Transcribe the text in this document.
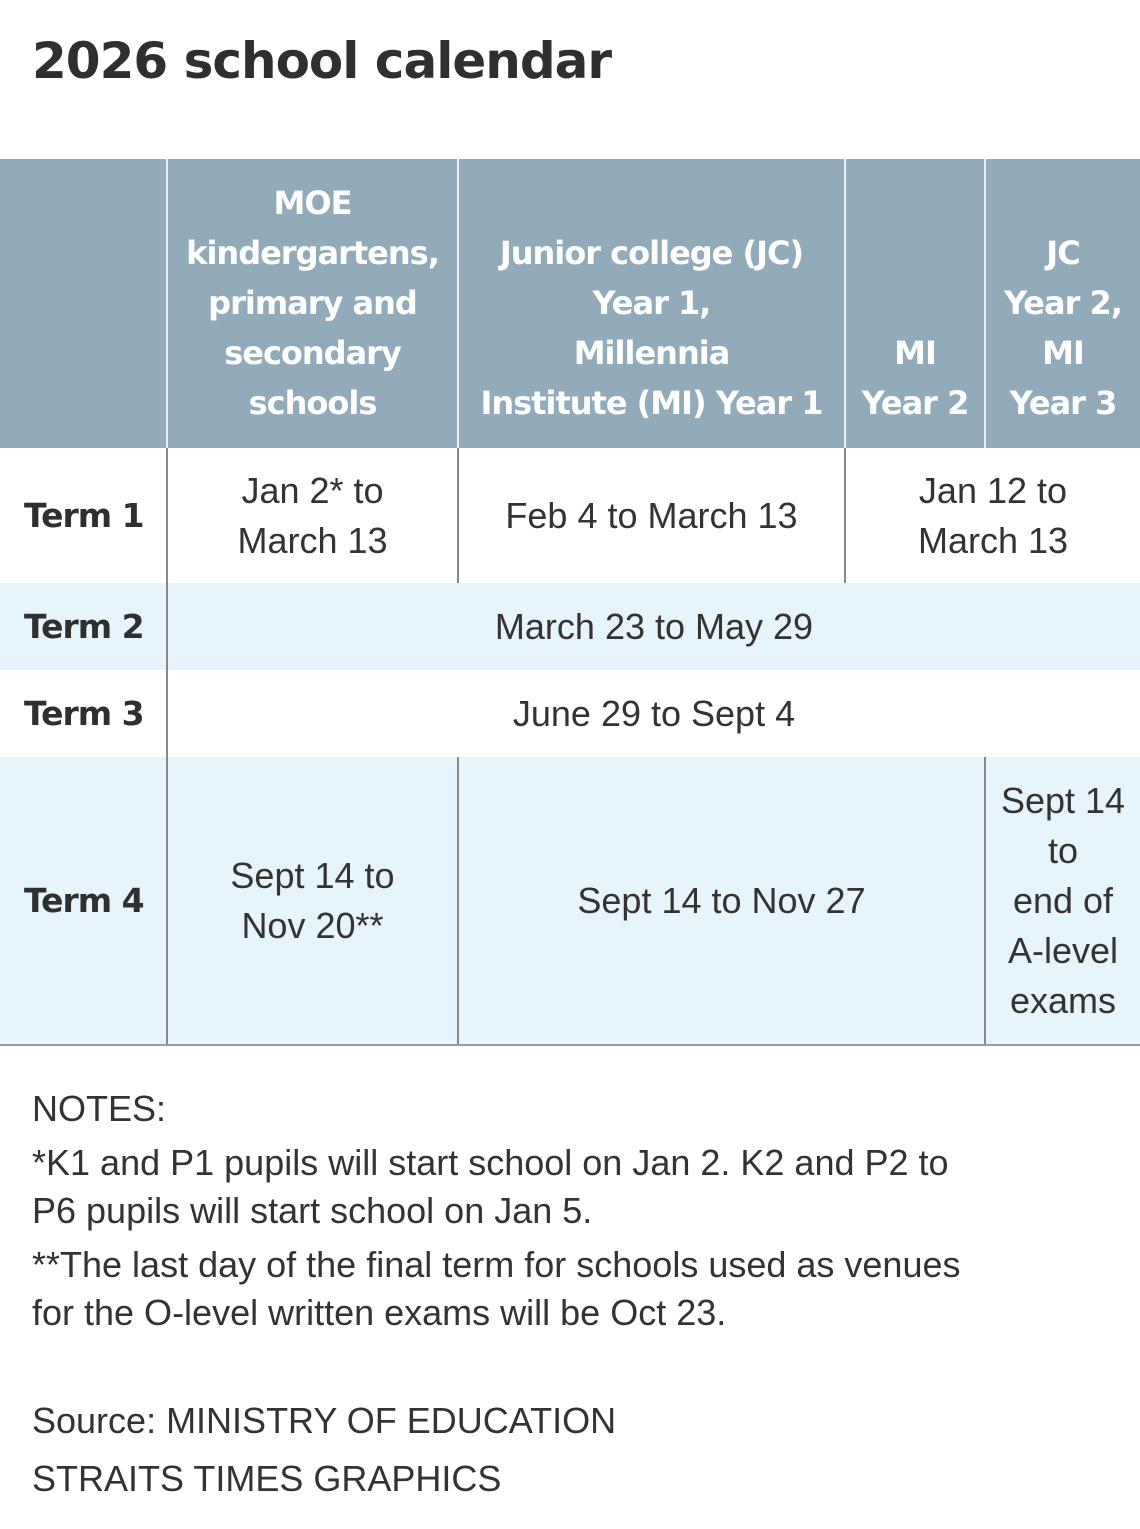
2026 school calendar
MOE
kindergartens,
primary and
secondary
schools
Junior college (JC)
Year 1,
Millennia
Institute (MI) Year 1
MI
Year 2
JC
Year 2,
MI
Year 3
Term 1
Jan 2* to
March 13
Feb 4 to March 13
Jan 12 to
March 13
Term 2	March 23 to May 29
Term 3	June 29 to Sept 4
Term 4
Sept 14 to
Nov 20**
Sept 14 to Nov 27
Sept 14
to
end of
A-level
exams

NOTES:

*K1 and P1 pupils will start school on Jan 2. K2 and P2 to

P6 pupils will start school on Jan 5.

**The last day of the final term for schools used as venues

for the O-level written exams will be Oct 23.

Source: MINISTRY OF EDUCATION

STRAITS TIMES GRAPHICS
